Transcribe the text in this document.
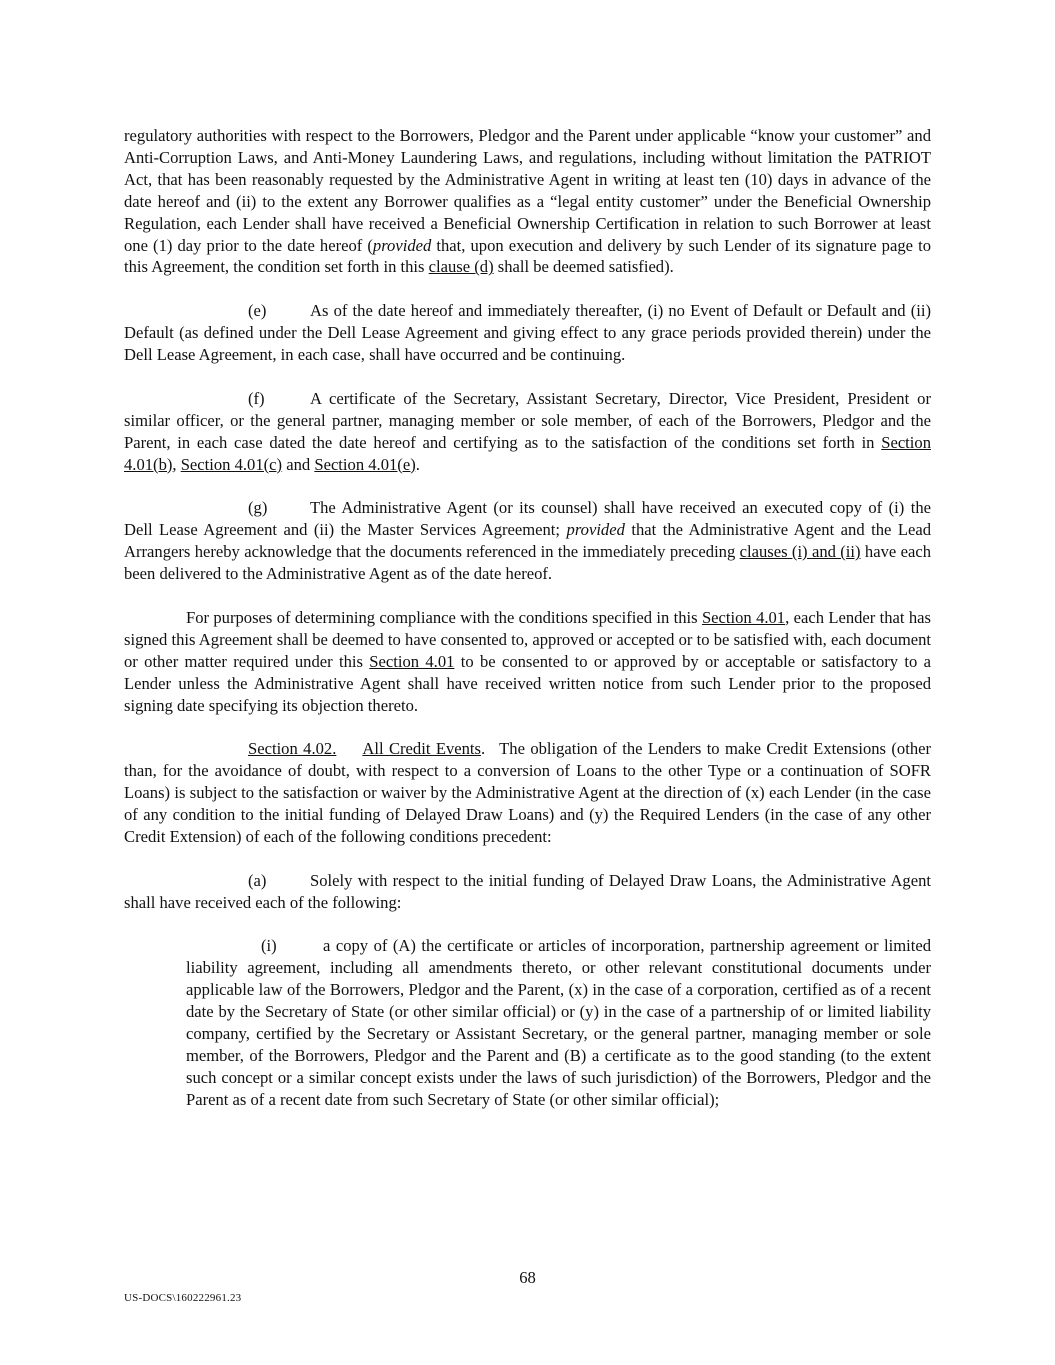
regulatory authorities with respect to the Borrowers, Pledgor and the Parent under applicable “know your customer” and Anti-Corruption Laws, and Anti-Money Laundering Laws, and regulations, including without limitation the PATRIOT Act, that has been reasonably requested by the Administrative Agent in writing at least ten (10) days in advance of the date hereof and (ii) to the extent any Borrower qualifies as a “legal entity customer” under the Beneficial Ownership Regulation, each Lender shall have received a Beneficial Ownership Certification in relation to such Borrower at least one (1) day prior to the date hereof (provided that, upon execution and delivery by such Lender of its signature page to this Agreement, the condition set forth in this clause (d) shall be deemed satisfied).

(e)	As of the date hereof and immediately thereafter, (i) no Event of Default or Default and (ii) Default (as defined under the Dell Lease Agreement and giving effect to any grace periods provided therein) under the Dell Lease Agreement, in each case, shall have occurred and be continuing.

(f)	A certificate of the Secretary, Assistant Secretary, Director, Vice President, President or similar officer, or the general partner, managing member or sole member, of each of the Borrowers, Pledgor and the Parent, in each case dated the date hereof and certifying as to the satisfaction of the conditions set forth in Section 4.01(b), Section 4.01(c) and Section 4.01(e).

(g)	The Administrative Agent (or its counsel) shall have received an executed copy of (i) the Dell Lease Agreement and (ii) the Master Services Agreement; provided that the Administrative Agent and the Lead Arrangers hereby acknowledge that the documents referenced in the immediately preceding clauses (i) and (ii) have each been delivered to the Administrative Agent as of the date hereof.

For purposes of determining compliance with the conditions specified in this Section 4.01, each Lender that has signed this Agreement shall be deemed to have consented to, approved or accepted or to be satisfied with, each document or other matter required under this Section 4.01 to be consented to or approved by or acceptable or satisfactory to a Lender unless the Administrative Agent shall have received written notice from such Lender prior to the proposed signing date specifying its objection thereto.

Section 4.02. All Credit Events. The obligation of the Lenders to make Credit Extensions (other than, for the avoidance of doubt, with respect to a conversion of Loans to the other Type or a continuation of SOFR Loans) is subject to the satisfaction or waiver by the Administrative Agent at the direction of (x) each Lender (in the case of any condition to the initial funding of Delayed Draw Loans) and (y) the Required Lenders (in the case of any other Credit Extension) of each of the following conditions precedent:

(a)	Solely with respect to the initial funding of Delayed Draw Loans, the Administrative Agent shall have received each of the following:

(i)	a copy of (A) the certificate or articles of incorporation, partnership agreement or limited liability agreement, including all amendments thereto, or other relevant constitutional documents under applicable law of the Borrowers, Pledgor and the Parent, (x) in the case of a corporation, certified as of a recent date by the Secretary of State (or other similar official) or (y) in the case of a partnership of or limited liability company, certified by the Secretary or Assistant Secretary, or the general partner, managing member or sole member, of the Borrowers, Pledgor and the Parent and (B) a certificate as to the good standing (to the extent such concept or a similar concept exists under the laws of such jurisdiction) of the Borrowers, Pledgor and the Parent as of a recent date from such Secretary of State (or other similar official);

68
US-DOCS\160222961.23
